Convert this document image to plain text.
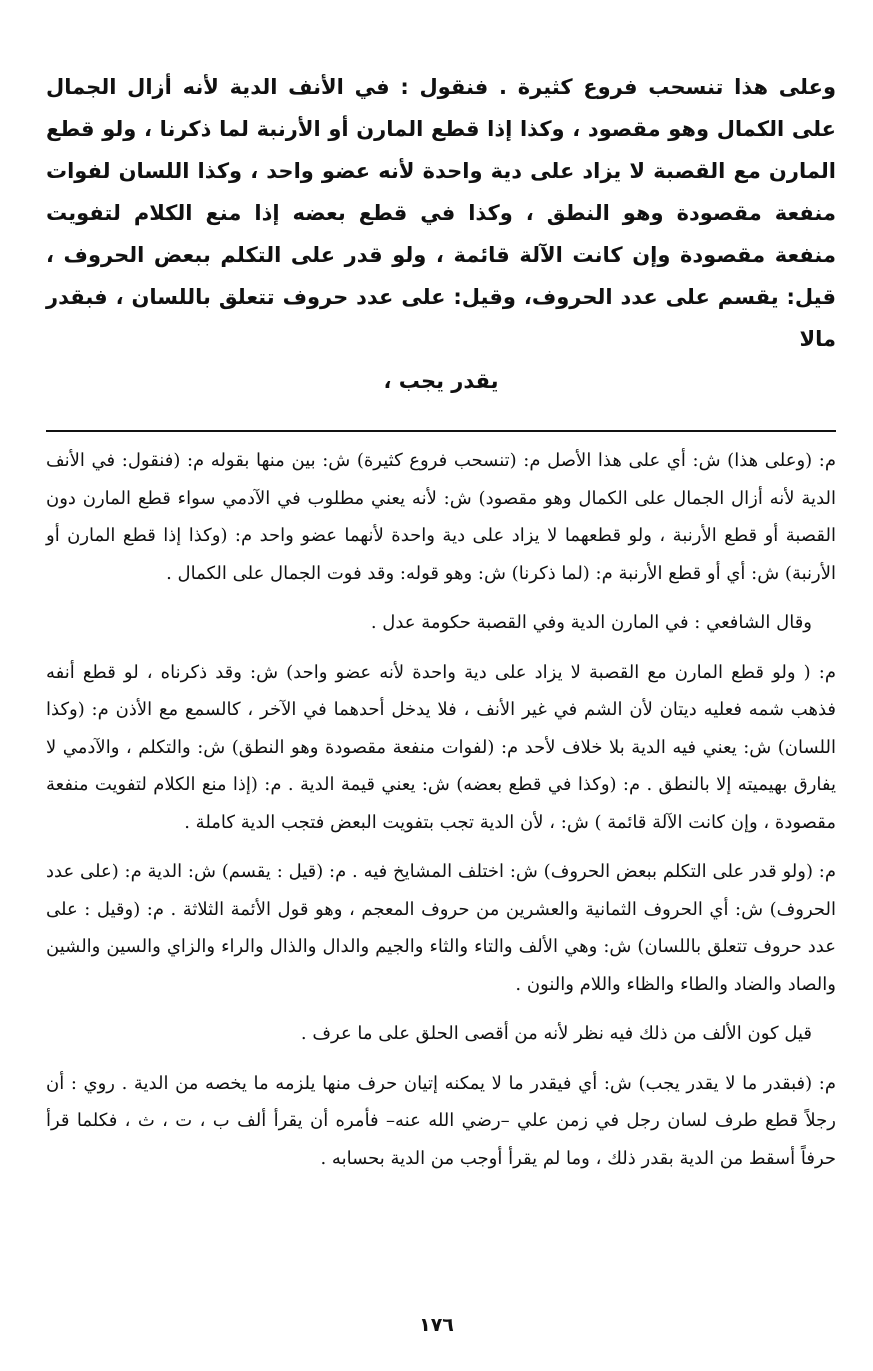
وعلى هذا تنسحب فروع كثيرة . فنقول : في الأنف الدية لأنه أزال الجمال على الكمال وهو مقصود ، وكذا إذا قطع المارن أو الأرنبة لما ذكرنا ، ولو قطع المارن مع القصبة لا يزاد على دية واحدة لأنه عضو واحد ، وكذا اللسان لفوات منفعة مقصودة وهو النطق ، وكذا في قطع بعضه إذا منع الكلام لتفويت منفعة مقصودة وإن كانت الآلة قائمة ، ولو قدر على التكلم ببعض الحروف ، قيل: يقسم على عدد الحروف، وقيل: على عدد حروف تتعلق باللسان ، فبقدر مالا
يقدر يجب ،

م: (وعلى هذا) ش: أي على هذا الأصل م: (تنسحب فروع كثيرة) ش: بين منها بقوله م: (فنقول: في الأنف الدية لأنه أزال الجمال على الكمال وهو مقصود) ش: لأنه يعني مطلوب في الآدمي سواء قطع المارن دون القصبة أو قطع الأرنبة ، ولو قطعهما لا يزاد على دية واحدة لأنهما عضو واحد م: (وكذا إذا قطع المارن أو الأرنبة) ش: أي أو قطع الأرنبة م: (لما ذكرنا) ش: وهو قوله: وقد فوت الجمال على الكمال .

وقال الشافعي : في المارن الدية وفي القصبة حكومة عدل .

م: ( ولو قطع المارن مع القصبة لا يزاد على دية واحدة لأنه عضو واحد) ش: وقد ذكرناه ، لو قطع أنفه فذهب شمه فعليه ديتان لأن الشم في غير الأنف ، فلا يدخل أحدهما في الآخر ، كالسمع مع الأذن م: (وكذا اللسان) ش: يعني فيه الدية بلا خلاف لأحد م: (لفوات منفعة مقصودة وهو النطق) ش: والتكلم ، والآدمي لا يفارق بهيميته إلا بالنطق . م: (وكذا في قطع بعضه) ش: يعني قيمة الدية . م: (إذا منع الكلام لتفويت منفعة مقصودة ، وإن كانت الآلة قائمة ) ش: ، لأن الدية تجب بتفويت البعض فتجب الدية كاملة .

م: (ولو قدر على التكلم ببعض الحروف) ش: اختلف المشايخ فيه . م: (قيل : يقسم) ش: الدية م: (على عدد الحروف) ش: أي الحروف الثمانية والعشرين من حروف المعجم ، وهو قول الأئمة الثلاثة . م: (وقيل : على عدد حروف تتعلق باللسان) ش: وهي الألف والتاء والثاء والجيم والدال والذال والراء والزاي والسين والشين والصاد والضاد والطاء والظاء واللام والنون .

قيل كون الألف من ذلك فيه نظر لأنه من أقصى الحلق على ما عرف .

م: (فبقدر ما لا يقدر يجب) ش: أي فيقدر ما لا يمكنه إتيان حرف منها يلزمه ما يخصه من الدية . روي : أن رجلاً قطع طرف لسان رجل في زمن علي –رضي الله عنه– فأمره أن يقرأ ألف ب ، ت ، ث ، فكلما قرأ حرفاً أسقط من الدية بقدر ذلك ، وما لم يقرأ أوجب من الدية بحسابه .

١٧٦
